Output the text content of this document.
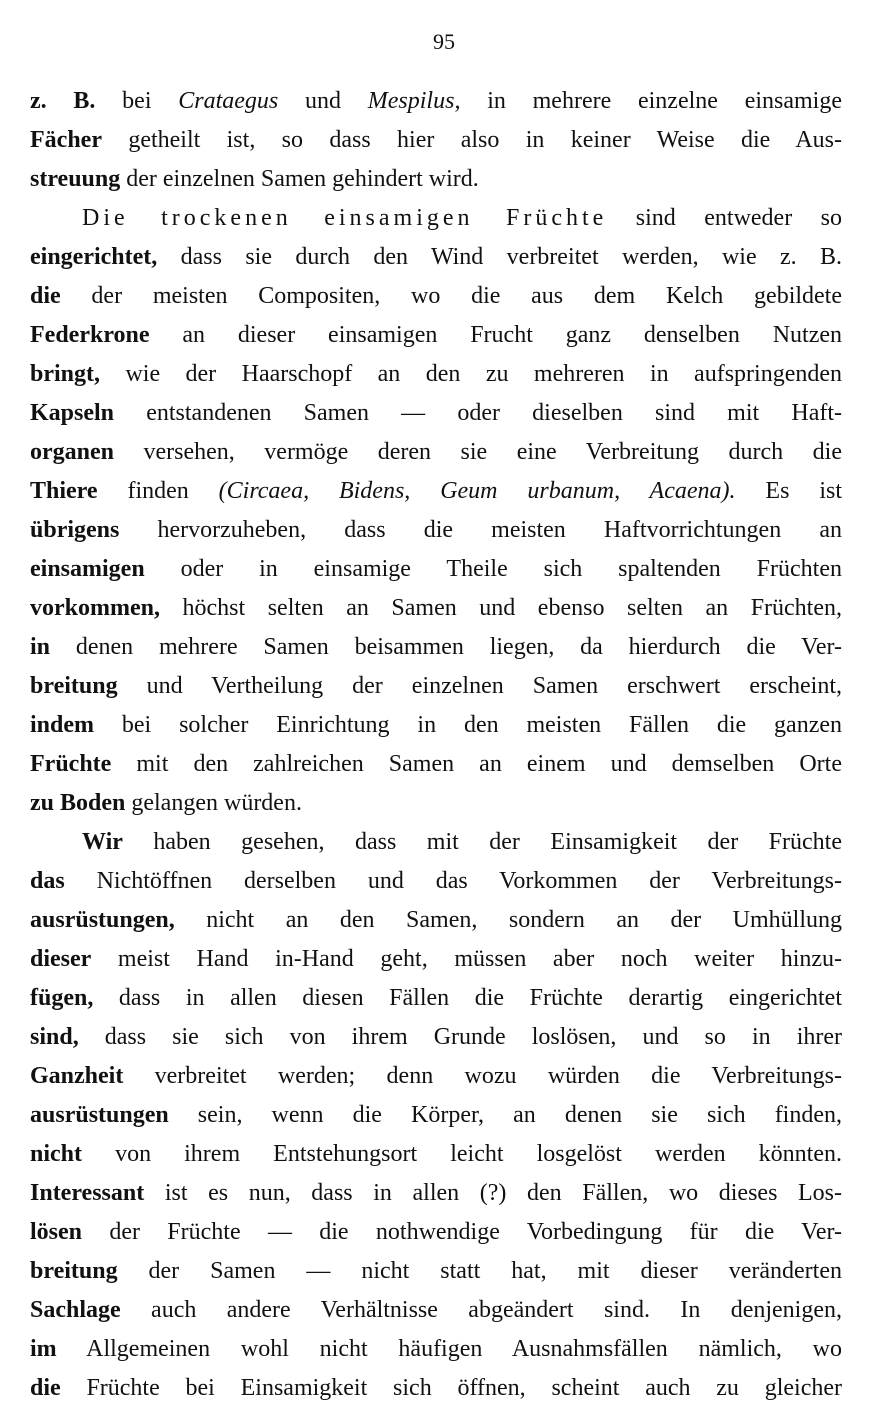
95
z. B. bei Crataegus und Mespilus, in mehrere einzelne einsamige
Fächer getheilt ist, so dass hier also in keiner Weise die Aus-
streuung der einzelnen Samen gehindert wird.
Die trockenen einsamigen Früchte sind entweder so
eingerichtet, dass sie durch den Wind verbreitet werden, wie z. B.
die der meisten Compositen, wo die aus dem Kelch gebildete
Federkrone an dieser einsamigen Frucht ganz denselben Nutzen
bringt, wie der Haarschopf an den zu mehreren in aufspringenden
Kapseln entstandenen Samen — oder dieselben sind mit Haft-
organen versehen, vermöge deren sie eine Verbreitung durch die
Thiere finden (Circaea, Bidens, Geum urbanum, Acaena). Es ist
übrigens hervorzuheben, dass die meisten Haftvorrichtungen an
einsamigen oder in einsamige Theile sich spaltenden Früchten
vorkommen, höchst selten an Samen und ebenso selten an Früchten,
in denen mehrere Samen beisammen liegen, da hierdurch die Ver-
breitung und Vertheilung der einzelnen Samen erschwert erscheint,
indem bei solcher Einrichtung in den meisten Fällen die ganzen
Früchte mit den zahlreichen Samen an einem und demselben Orte
zu Boden gelangen würden.
Wir haben gesehen, dass mit der Einsamigkeit der Früchte
das Nichtöffnen derselben und das Vorkommen der Verbreitungs-
ausrüstungen, nicht an den Samen, sondern an der Umhüllung
dieser meist Hand in-Hand geht, müssen aber noch weiter hinzu-
fügen, dass in allen diesen Fällen die Früchte derartig eingerichtet
sind, dass sie sich von ihrem Grunde loslösen, und so in ihrer
Ganzheit verbreitet werden; denn wozu würden die Verbreitungs-
ausrüstungen sein, wenn die Körper, an denen sie sich finden,
nicht von ihrem Entstehungsort leicht losgelöst werden könnten.
Interessant ist es nun, dass in allen (?) den Fällen, wo dieses Los-
lösen der Früchte — die nothwendige Vorbedingung für die Ver-
breitung der Samen — nicht statt hat, mit dieser veränderten
Sachlage auch andere Verhältnisse abgeändert sind. In denjenigen,
im Allgemeinen wohl nicht häufigen Ausnahmsfällen nämlich, wo
die Früchte bei Einsamigkeit sich öffnen, scheint auch zu gleicher
